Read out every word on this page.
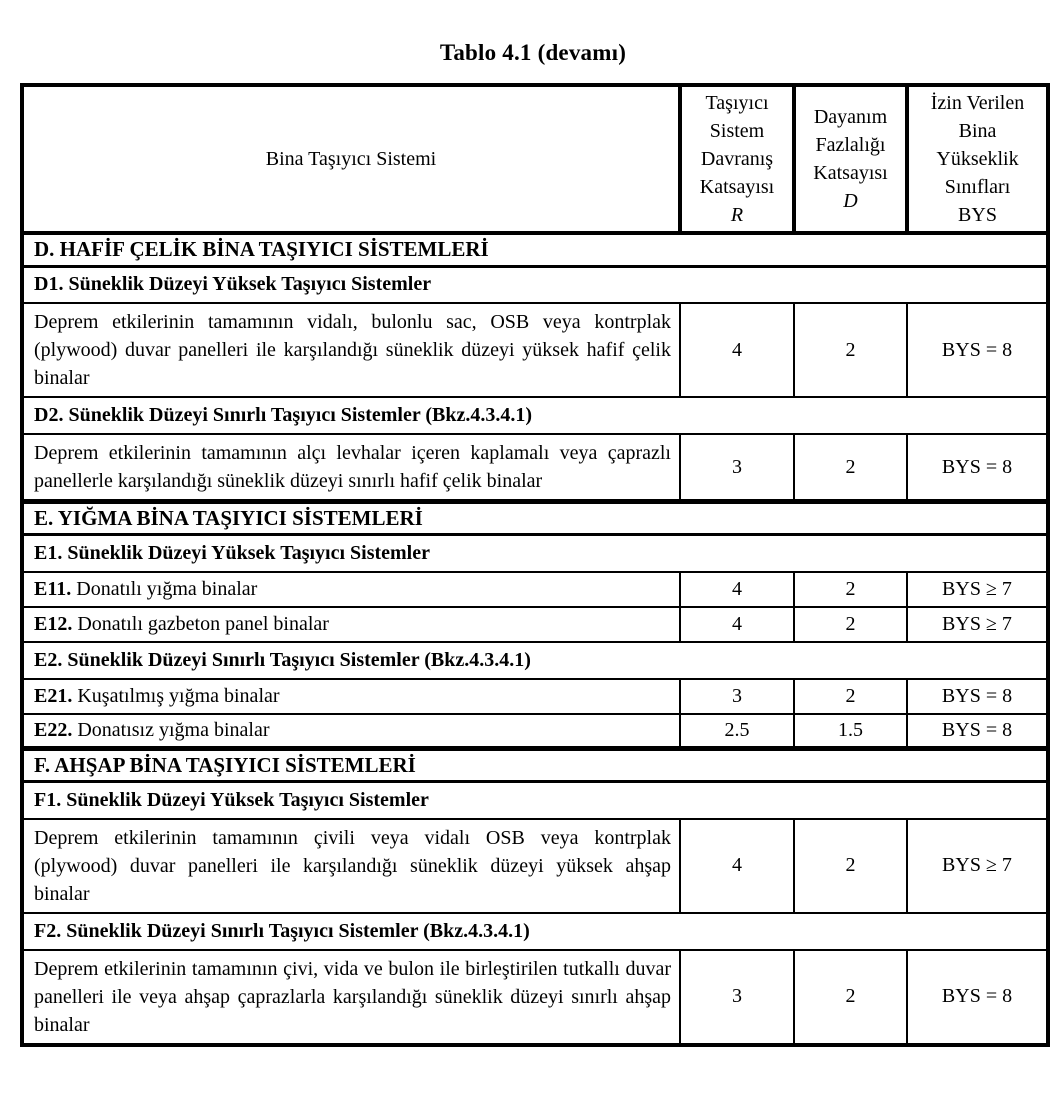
Tablo 4.1 (devamı)
Bina Taşıyıcı Sistemi	Taşıyıcı
Sistem
Davranış
Katsayısı
R	Dayanım
Fazlalığı
Katsayısı
D	İzin Verilen
Bina
Yükseklik
Sınıfları
BYS

D. HAFİF ÇELİK BİNA TAŞIYICI SİSTEMLERİ			
D1. Süneklik Düzeyi Yüksek Taşıyıcı Sistemler			
Deprem etkilerinin tamamının vidalı, bulonlu sac, OSB veya kontrplak (plywood) duvar panelleri ile karşılandığı süneklik düzeyi yüksek hafif çelik binalar	4	2	BYS = 8
D2. Süneklik Düzeyi Sınırlı Taşıyıcı Sistemler (Bkz.4.3.4.1)			
Deprem etkilerinin tamamının alçı levhalar içeren kaplamalı veya çaprazlı panellerle karşılandığı süneklik düzeyi sınırlı hafif çelik binalar	3	2	BYS = 8
E. YIĞMA BİNA TAŞIYICI SİSTEMLERİ			
E1. Süneklik Düzeyi Yüksek Taşıyıcı Sistemler			
E11. Donatılı yığma binalar	4	2	BYS ≥ 7
E12. Donatılı gazbeton panel binalar	4	2	BYS ≥ 7
E2. Süneklik Düzeyi Sınırlı Taşıyıcı Sistemler (Bkz.4.3.4.1)			
E21. Kuşatılmış yığma binalar	3	2	BYS = 8
E22. Donatısız yığma binalar	2.5	1.5	BYS = 8
F. AHŞAP BİNA TAŞIYICI SİSTEMLERİ			
F1. Süneklik Düzeyi Yüksek Taşıyıcı Sistemler			
Deprem etkilerinin tamamının çivili veya vidalı OSB veya kontrplak (plywood) duvar panelleri ile karşılandığı süneklik düzeyi yüksek ahşap binalar	4	2	BYS ≥ 7
F2. Süneklik Düzeyi Sınırlı Taşıyıcı Sistemler (Bkz.4.3.4.1)			
Deprem etkilerinin tamamının çivi, vida ve bulon ile birleştirilen tutkallı duvar panelleri ile veya ahşap çaprazlarla karşılandığı süneklik düzeyi sınırlı ahşap binalar	3	2	BYS = 8
